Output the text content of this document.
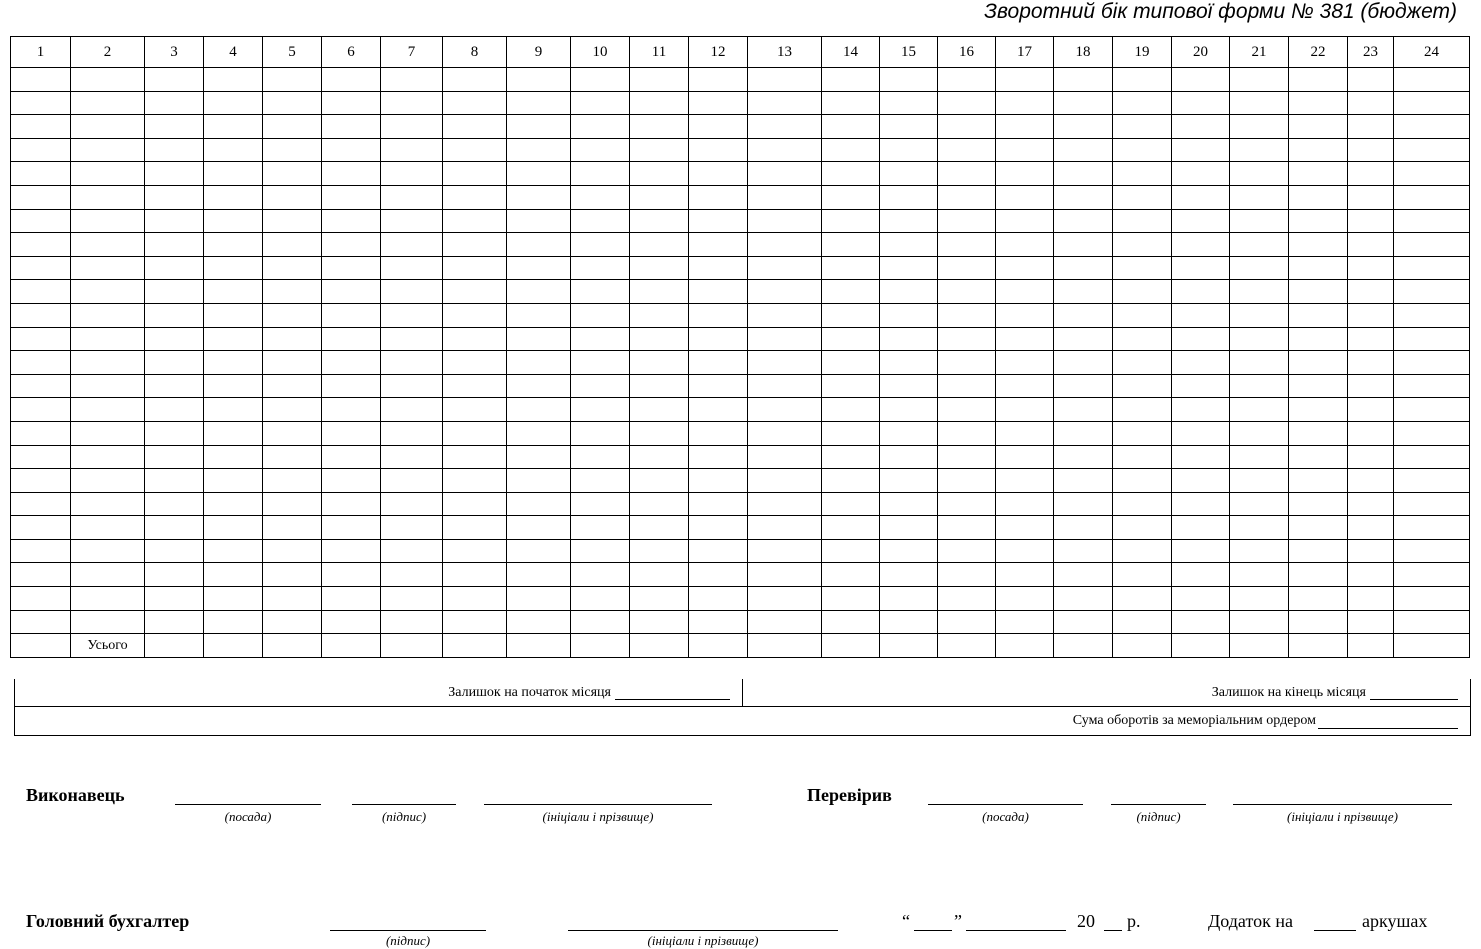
Зворотний бік типової форми № 381 (бюджет)
1	2	3	4	5	6	7	8	9	10	11	12	13	14	15	16	17	18	19	20	21	22	23	24

	Усього																						
Залишок на початок місяця	Залишок на кінець місяця
Сума оборотів за меморіальним ордером
Виконавець
(посада)	(підпис)	(ініціали і прізвище)
Перевірив
(посада)	(підпис)	(ініціали і прізвище)
Головний бухгалтер
(підпис)	(ініціали і прізвище)
“ ”	20 р.	Додаток на	аркушах
